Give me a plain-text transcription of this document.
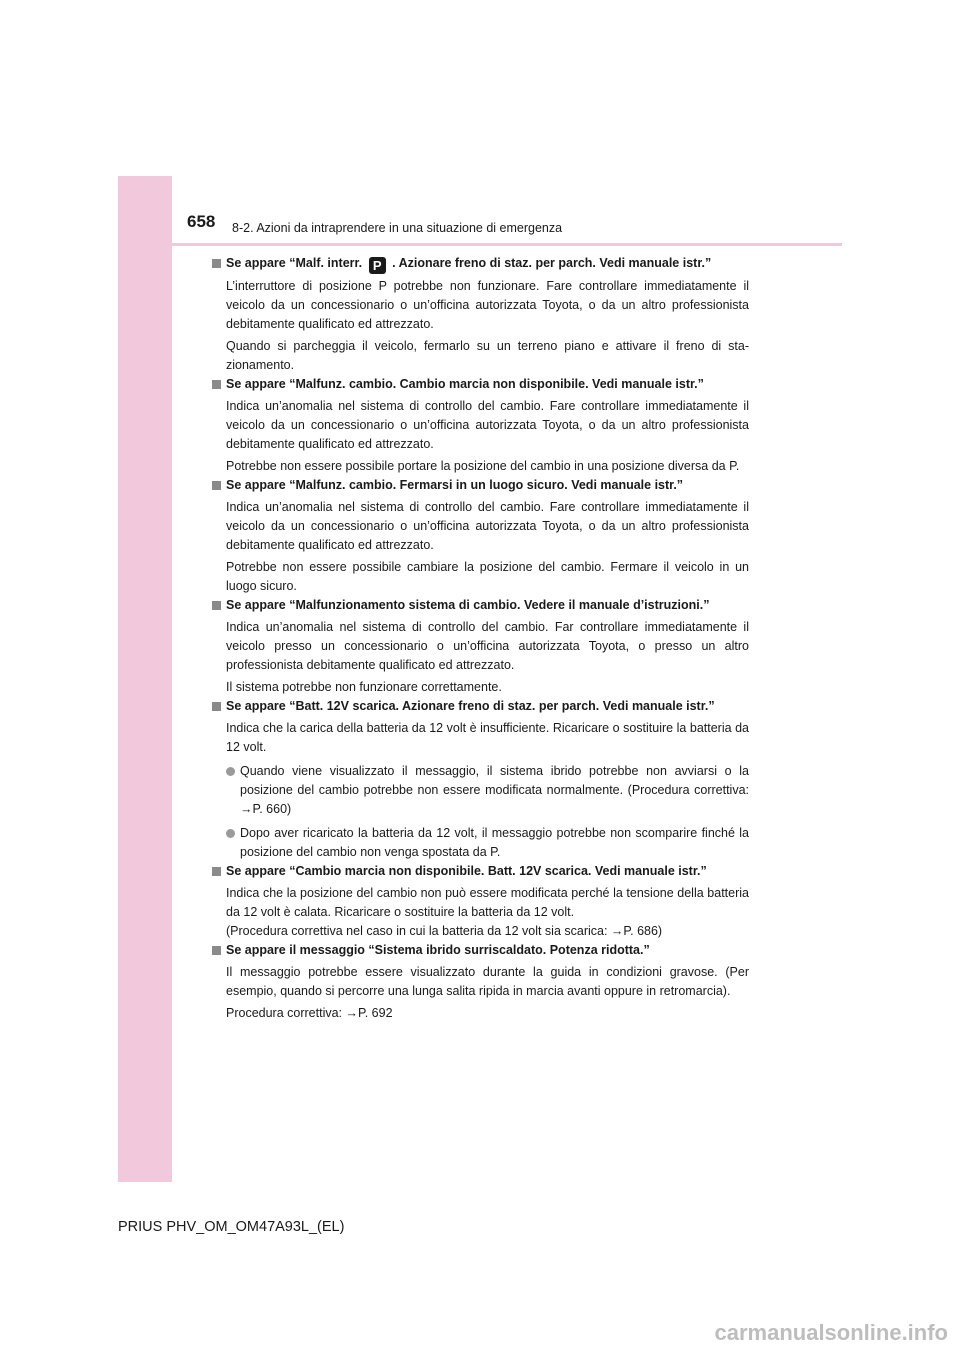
658 8-2. Azioni da intraprendere in una situazione di emergenza
Se appare “Malf. interr. P . Azionare freno di staz. per parch. Vedi manuale istr.”
L’interruttore di posizione P potrebbe non funzionare. Fare controllare immediatamente il veicolo da un concessionario o un’officina autorizzata Toyota, o da un altro professionista debitamente qualificato ed attrezzato.
Quando si parcheggia il veicolo, fermarlo su un terreno piano e attivare il freno di stazionamento.
Se appare “Malfunz. cambio. Cambio marcia non disponibile. Vedi manuale istr.”
Indica un’anomalia nel sistema di controllo del cambio. Fare controllare immediatamente il veicolo da un concessionario o un’officina autorizzata Toyota, o da un altro professionista debitamente qualificato ed attrezzato.
Potrebbe non essere possibile portare la posizione del cambio in una posizione diversa da P.
Se appare “Malfunz. cambio. Fermarsi in un luogo sicuro. Vedi manuale istr.”
Indica un’anomalia nel sistema di controllo del cambio. Fare controllare immediatamente il veicolo da un concessionario o un’officina autorizzata Toyota, o da un altro professionista debitamente qualificato ed attrezzato.
Potrebbe non essere possibile cambiare la posizione del cambio. Fermare il veicolo in un luogo sicuro.
Se appare “Malfunzionamento sistema di cambio. Vedere il manuale d’istruzioni.”
Indica un’anomalia nel sistema di controllo del cambio. Far controllare immediatamente il veicolo presso un concessionario o un’officina autorizzata Toyota, o presso un altro professionista debitamente qualificato ed attrezzato.
Il sistema potrebbe non funzionare correttamente.
Se appare “Batt. 12V scarica. Azionare freno di staz. per parch. Vedi manuale istr.”
Indica che la carica della batteria da 12 volt è insufficiente. Ricaricare o sostituire la batteria da 12 volt.
Quando viene visualizzato il messaggio, il sistema ibrido potrebbe non avviarsi o la posizione del cambio potrebbe non essere modificata normalmente. (Procedura correttiva: →P. 660)
Dopo aver ricaricato la batteria da 12 volt, il messaggio potrebbe non scomparire finché la posizione del cambio non venga spostata da P.
Se appare “Cambio marcia non disponibile. Batt. 12V scarica. Vedi manuale istr.”
Indica che la posizione del cambio non può essere modificata perché la tensione della batteria da 12 volt è calata. Ricaricare o sostituire la batteria da 12 volt.
(Procedura correttiva nel caso in cui la batteria da 12 volt sia scarica: →P. 686)
Se appare il messaggio “Sistema ibrido surriscaldato. Potenza ridotta.”
Il messaggio potrebbe essere visualizzato durante la guida in condizioni gravose. (Per esempio, quando si percorre una lunga salita ripida in marcia avanti oppure in retromarcia).
Procedura correttiva: →P. 692
PRIUS PHV_OM_OM47A93L_(EL)
carmanualsonline.info
